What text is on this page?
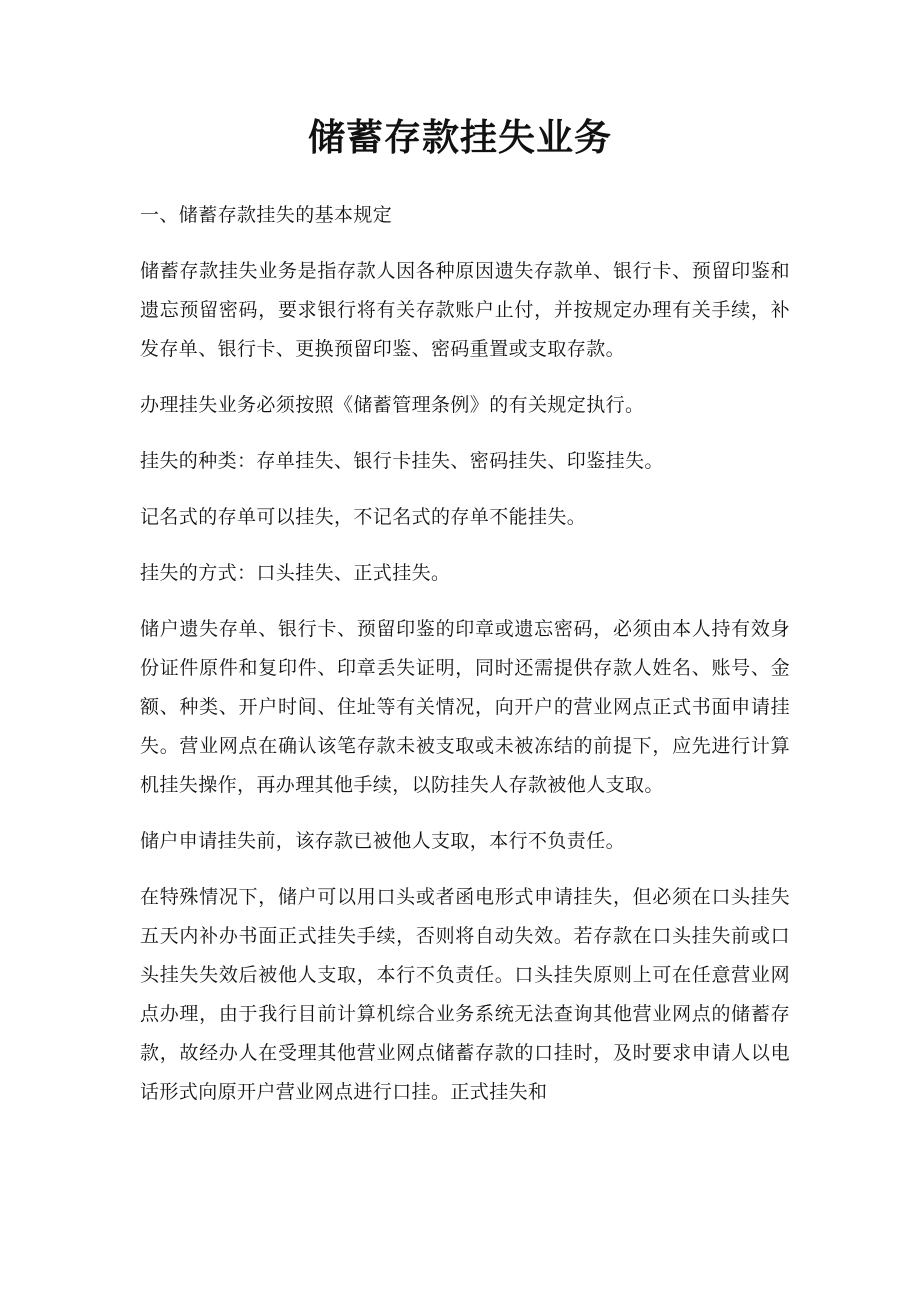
储蓄存款挂失业务

一、储蓄存款挂失的基本规定

储蓄存款挂失业务是指存款人因各种原因遗失存款单、银行卡、预留印鉴和遗忘预留密码，要求银行将有关存款账户止付，并按规定办理有关手续，补发存单、银行卡、更换预留印鉴、密码重置或支取存款。

办理挂失业务必须按照《储蓄管理条例》的有关规定执行。

挂失的种类：存单挂失、银行卡挂失、密码挂失、印鉴挂失。

记名式的存单可以挂失，不记名式的存单不能挂失。

挂失的方式：口头挂失、正式挂失。

储户遗失存单、银行卡、预留印鉴的印章或遗忘密码，必须由本人持有效身份证件原件和复印件、印章丢失证明，同时还需提供存款人姓名、账号、金额、种类、开户时间、住址等有关情况，向开户的营业网点正式书面申请挂失。营业网点在确认该笔存款未被支取或未被冻结的前提下，应先进行计算机挂失操作，再办理其他手续，以防挂失人存款被他人支取。

储户申请挂失前，该存款已被他人支取，本行不负责任。

在特殊情况下，储户可以用口头或者函电形式申请挂失，但必须在口头挂失五天内补办书面正式挂失手续，否则将自动失效。若存款在口头挂失前或口头挂失失效后被他人支取，本行不负责任。口头挂失原则上可在任意营业网点办理，由于我行目前计算机综合业务系统无法查询其他营业网点的储蓄存款，故经办人在受理其他营业网点储蓄存款的口挂时，及时要求申请人以电话形式向原开户营业网点进行口挂。正式挂失和
